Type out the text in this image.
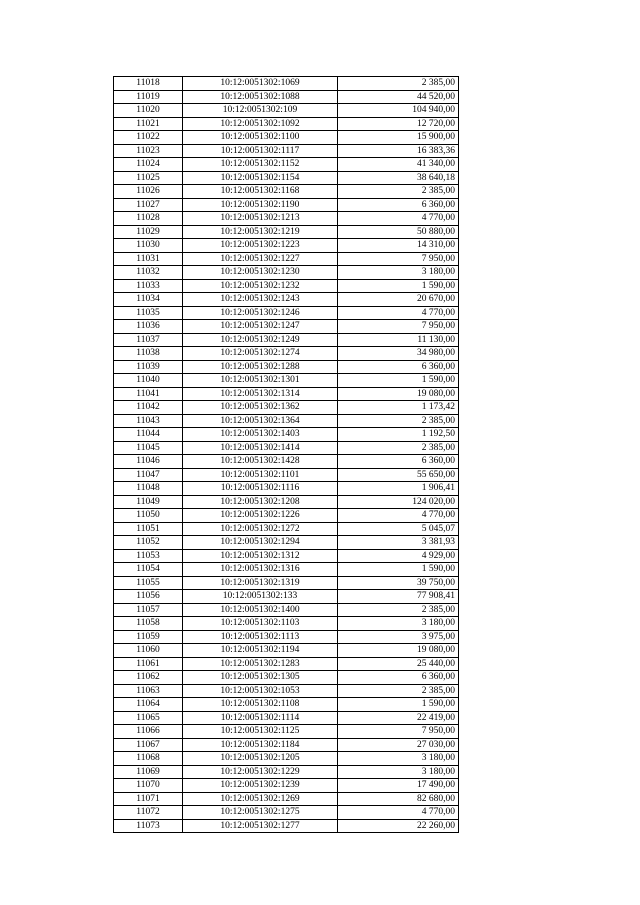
11018	10:12:0051302:1069	2 385,00
11019	10:12:0051302:1088	44 520,00
11020	10:12:0051302:109	104 940,00
11021	10:12:0051302:1092	12 720,00
11022	10:12:0051302:1100	15 900,00
11023	10:12:0051302:1117	16 383,36
11024	10:12:0051302:1152	41 340,00
11025	10:12:0051302:1154	38 640,18
11026	10:12:0051302:1168	2 385,00
11027	10:12:0051302:1190	6 360,00
11028	10:12:0051302:1213	4 770,00
11029	10:12:0051302:1219	50 880,00
11030	10:12:0051302:1223	14 310,00
11031	10:12:0051302:1227	7 950,00
11032	10:12:0051302:1230	3 180,00
11033	10:12:0051302:1232	1 590,00
11034	10:12:0051302:1243	20 670,00
11035	10:12:0051302:1246	4 770,00
11036	10:12:0051302:1247	7 950,00
11037	10:12:0051302:1249	11 130,00
11038	10:12:0051302:1274	34 980,00
11039	10:12:0051302:1288	6 360,00
11040	10:12:0051302:1301	1 590,00
11041	10:12:0051302:1314	19 080,00
11042	10:12:0051302:1362	1 173,42
11043	10:12:0051302:1364	2 385,00
11044	10:12:0051302:1403	1 192,50
11045	10:12:0051302:1414	2 385,00
11046	10:12:0051302:1428	6 360,00
11047	10:12:0051302:1101	55 650,00
11048	10:12:0051302:1116	1 906,41
11049	10:12:0051302:1208	124 020,00
11050	10:12:0051302:1226	4 770,00
11051	10:12:0051302:1272	5 045,07
11052	10:12:0051302:1294	3 381,93
11053	10:12:0051302:1312	4 929,00
11054	10:12:0051302:1316	1 590,00
11055	10:12:0051302:1319	39 750,00
11056	10:12:0051302:133	77 908,41
11057	10:12:0051302:1400	2 385,00
11058	10:12:0051302:1103	3 180,00
11059	10:12:0051302:1113	3 975,00
11060	10:12:0051302:1194	19 080,00
11061	10:12:0051302:1283	25 440,00
11062	10:12:0051302:1305	6 360,00
11063	10:12:0051302:1053	2 385,00
11064	10:12:0051302:1108	1 590,00
11065	10:12:0051302:1114	22 419,00
11066	10:12:0051302:1125	7 950,00
11067	10:12:0051302:1184	27 030,00
11068	10:12:0051302:1205	3 180,00
11069	10:12:0051302:1229	3 180,00
11070	10:12:0051302:1239	17 490,00
11071	10:12:0051302:1269	82 680,00
11072	10:12:0051302:1275	4 770,00
11073	10:12:0051302:1277	22 260,00
